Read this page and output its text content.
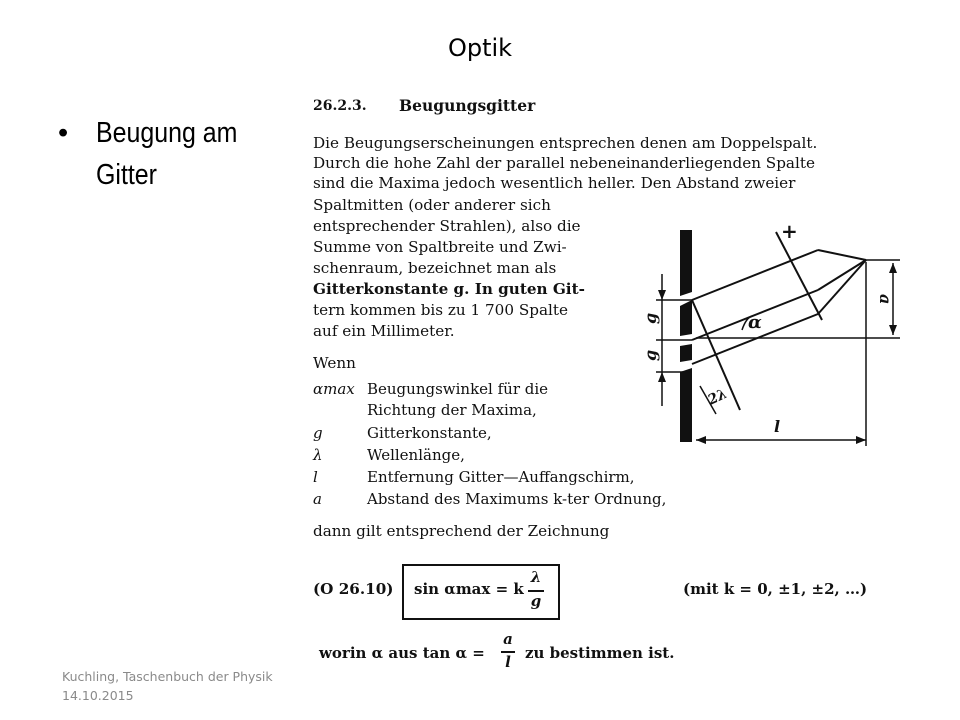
Optik
• Beugung am Gitter
26.2.3. Beugungsgitter
Die Beugungserscheinungen entsprechen denen am Doppelspalt.
Durch die hohe Zahl der parallel nebeneinanderliegenden Spalte
sind die Maxima jedoch wesentlich heller. Den Abstand zweier
Spaltmitten (oder anderer sich
entsprechender Strahlen), also die
Summe von Spaltbreite und Zwi-
schenraum, bezeichnet man als
Gitterkonstante g. In guten Git-
tern kommen bis zu 1 700 Spalte
auf ein Millimeter.
Wenn
αmax Beugungswinkel für die
Richtung der Maxima,
g	Gitterkonstante,
λ	Wellenlänge,
l	Entfernung Gitter—Auffangschirm,
a	Abstand des Maximums k-ter Ordnung,
dann gilt entsprechend der Zeichnung
(O 26.10) sin αmax = k
λ
g
(mit k = 0, ±1, ±2, …)
worin α aus tan α =
a
l zu bestimmen ist.
+
α
g
g
2λ
l
a
Kuchling, Taschenbuch der Physik
14.10.2015
